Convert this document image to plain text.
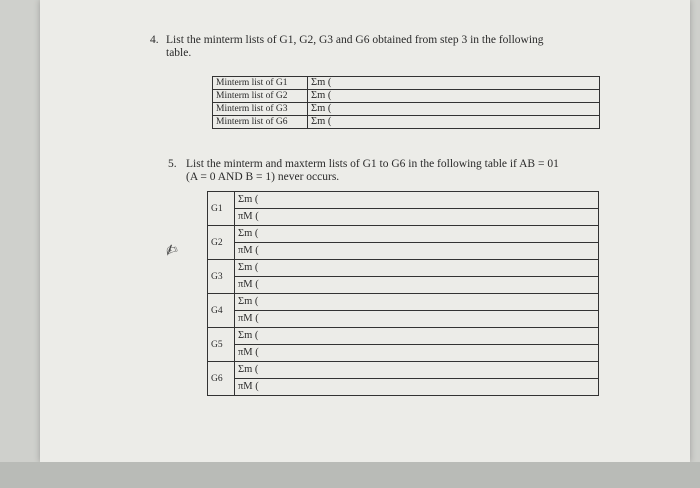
4. List the minterm lists of G1, G2, G3 and G6 obtained from step 3 in the following
table.
Minterm list of G1	Σm (
Minterm list of G2	Σm (
Minterm list of G3	Σm (
Minterm list of G6	Σm (
5. List the minterm and maxterm lists of G1 to G6 in the following table if AB = 01
(A = 0 AND B = 1) never occurs.
✍
G1	Σm (
	πM (
G2	Σm (
	πM (
G3	Σm (
	πM (
G4	Σm (
	πM (
G5	Σm (
	πM (
G6	Σm (
	πM (
